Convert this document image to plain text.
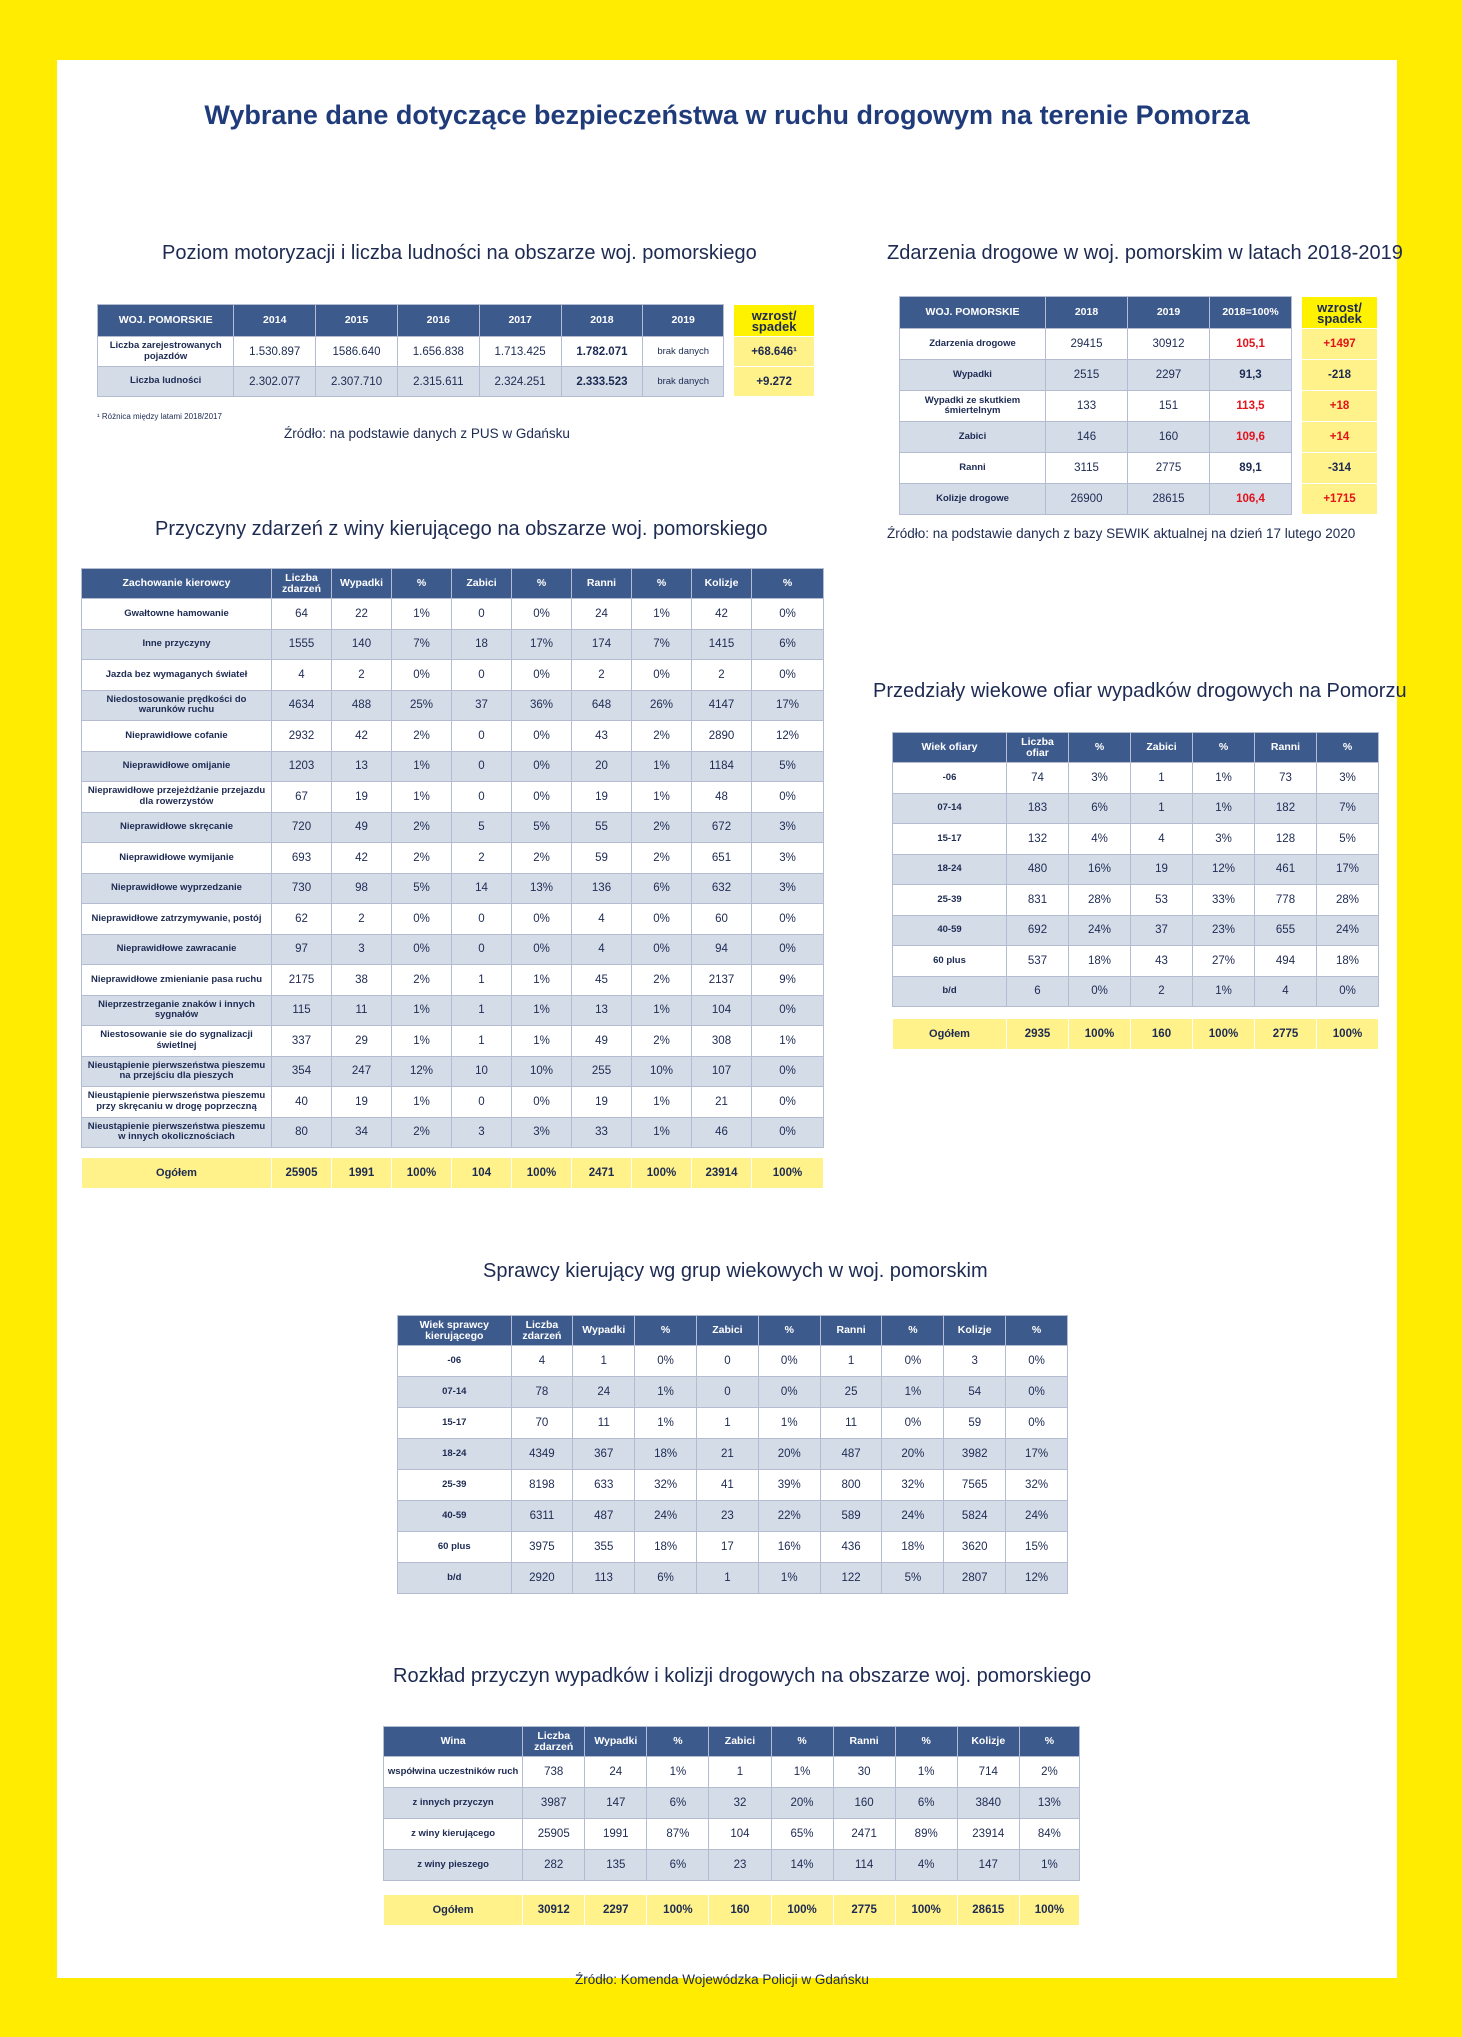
Wybrane dane dotyczące bezpieczeństwa w ruchu drogowym na terenie Pomorza
Poziom motoryzacji i liczba ludności na obszarze woj. pomorskiego
WOJ. POMORSKIE	2014	2015	2016	2017	2018	2019		wzrost/ spadek
Liczba zarejestrowanych pojazdów	1.530.897	1586.640	1.656.838	1.713.425	1.782.071	brak danych		+68.646¹
Liczba ludności	2.302.077	2.307.710	2.315.611	2.324.251	2.333.523	brak danych		+9.272
¹ Różnica między latami 2018/2017
Źródło: na podstawie danych z PUS w Gdańsku
Zdarzenia drogowe w woj. pomorskim w latach 2018-2019
WOJ. POMORSKIE	2018	2019	2018=100%		wzrost/ spadek
Zdarzenia drogowe	29415	30912	105,1		+1497
Wypadki	2515	2297	91,3		-218
Wypadki ze skutkiem śmiertelnym	133	151	113,5		+18
Zabici	146	160	109,6		+14
Ranni	3115	2775	89,1		-314
Kolizje drogowe	26900	28615	106,4		+1715
Źródło: na podstawie danych z bazy SEWIK aktualnej na dzień 17 lutego 2020
Przyczyny zdarzeń z winy kierującego na obszarze woj. pomorskiego
Zachowanie kierowcy	Liczba zdarzeń	Wypadki	%	Zabici	%	Ranni	%	Kolizje	%
Gwałtowne hamowanie	64	22	1%	0	0%	24	1%	42	0%
Inne przyczyny	1555	140	7%	18	17%	174	7%	1415	6%
Jazda bez wymaganych świateł	4	2	0%	0	0%	2	0%	2	0%
Niedostosowanie prędkości do warunków ruchu	4634	488	25%	37	36%	648	26%	4147	17%
Nieprawidłowe cofanie	2932	42	2%	0	0%	43	2%	2890	12%
Nieprawidłowe omijanie	1203	13	1%	0	0%	20	1%	1184	5%
Nieprawidłowe przejeżdżanie przejazdu dla rowerzystów	67	19	1%	0	0%	19	1%	48	0%
Nieprawidłowe skręcanie	720	49	2%	5	5%	55	2%	672	3%
Nieprawidłowe wymijanie	693	42	2%	2	2%	59	2%	651	3%
Nieprawidłowe wyprzedzanie	730	98	5%	14	13%	136	6%	632	3%
Nieprawidłowe zatrzymywanie, postój	62	2	0%	0	0%	4	0%	60	0%
Nieprawidłowe zawracanie	97	3	0%	0	0%	4	0%	94	0%
Nieprawidłowe zmienianie pasa ruchu	2175	38	2%	1	1%	45	2%	2137	9%
Nieprzestrzeganie znaków i innych sygnałów	115	11	1%	1	1%	13	1%	104	0%
Niestosowanie sie do sygnalizacji świetlnej	337	29	1%	1	1%	49	2%	308	1%
Nieustąpienie pierwszeństwa pieszemu na przejściu dla pieszych	354	247	12%	10	10%	255	10%	107	0%
Nieustąpienie pierwszeństwa pieszemu przy skręcaniu w drogę poprzeczną	40	19	1%	0	0%	19	1%	21	0%
Nieustąpienie pierwszeństwa pieszemu w innych okolicznościach	80	34	2%	3	3%	33	1%	46	0%

Ogółem	25905	1991	100%	104	100%	2471	100%	23914	100%
Przedziały wiekowe ofiar wypadków drogowych na Pomorzu
Wiek ofiary	Liczba ofiar	%	Zabici	%	Ranni	%
-06	74	3%	1	1%	73	3%
07-14	183	6%	1	1%	182	7%
15-17	132	4%	4	3%	128	5%
18-24	480	16%	19	12%	461	17%
25-39	831	28%	53	33%	778	28%
40-59	692	24%	37	23%	655	24%
60 plus	537	18%	43	27%	494	18%
b/d	6	0%	2	1%	4	0%

Ogółem	2935	100%	160	100%	2775	100%
Sprawcy kierujący wg grup wiekowych w woj. pomorskim
Wiek sprawcy kierującego	Liczba zdarzeń	Wypadki	%	Zabici	%	Ranni	%	Kolizje	%
-06	4	1	0%	0	0%	1	0%	3	0%
07-14	78	24	1%	0	0%	25	1%	54	0%
15-17	70	11	1%	1	1%	11	0%	59	0%
18-24	4349	367	18%	21	20%	487	20%	3982	17%
25-39	8198	633	32%	41	39%	800	32%	7565	32%
40-59	6311	487	24%	23	22%	589	24%	5824	24%
60 plus	3975	355	18%	17	16%	436	18%	3620	15%
b/d	2920	113	6%	1	1%	122	5%	2807	12%
Rozkład przyczyn wypadków i kolizji drogowych na obszarze woj. pomorskiego
Wina	Liczba zdarzeń	Wypadki	%	Zabici	%	Ranni	%	Kolizje	%
współwina uczestników ruch	738	24	1%	1	1%	30	1%	714	2%
z innych przyczyn	3987	147	6%	32	20%	160	6%	3840	13%
z winy kierującego	25905	1991	87%	104	65%	2471	89%	23914	84%
z winy pieszego	282	135	6%	23	14%	114	4%	147	1%

Ogółem	30912	2297	100%	160	100%	2775	100%	28615	100%
Źródło: Komenda Wojewódzka Policji w Gdańsku
